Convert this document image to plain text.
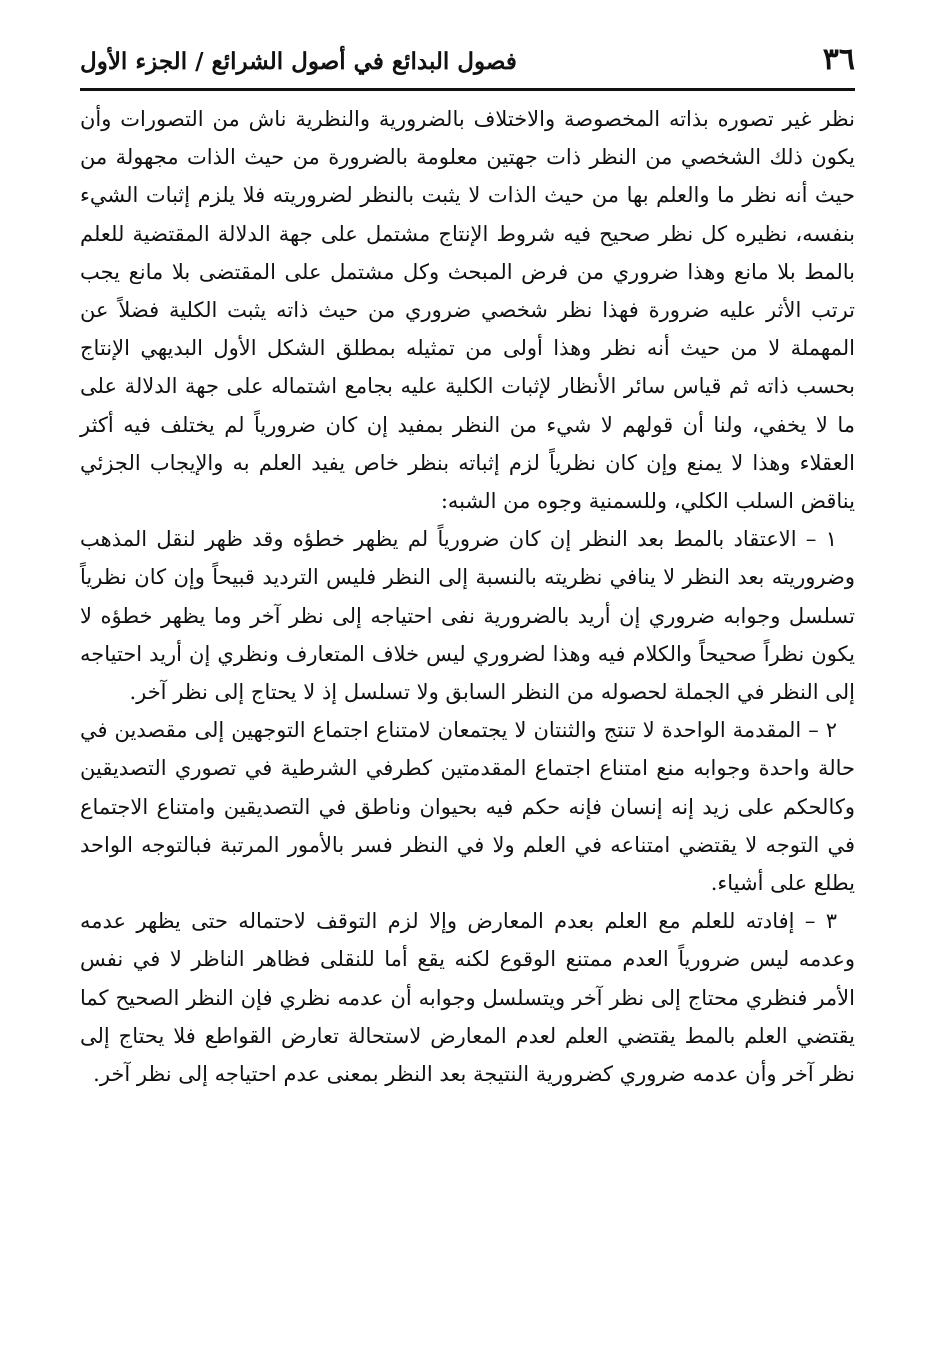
٣٦
فصول البدائع في أصول الشرائع / الجزء الأول

نظر غير تصوره بذاته المخصوصة والاختلاف بالضرورية والنظرية ناش من التصورات وأن يكون ذلك الشخصي من النظر ذات جهتين معلومة بالضرورة من حيث الذات مجهولة من حيث أنه نظر ما والعلم بها من حيث الذات لا يثبت بالنظر لضروريته فلا يلزم إثبات الشيء بنفسه، نظيره كل نظر صحيح فيه شروط الإنتاج مشتمل على جهة الدلالة المقتضية للعلم بالمط بلا مانع وهذا ضروري من فرض المبحث وكل مشتمل على المقتضى بلا مانع يجب ترتب الأثر عليه ضرورة فهذا نظر شخصي ضروري من حيث ذاته يثبت الكلية فضلاً عن المهملة لا من حيث أنه نظر وهذا أولى من تمثيله بمطلق الشكل الأول البديهي الإنتاج بحسب ذاته ثم قياس سائر الأنظار لإثبات الكلية عليه بجامع اشتماله على جهة الدلالة على ما لا يخفي، ولنا أن قولهم لا شيء من النظر بمفيد إن كان ضرورياً لم يختلف فيه أكثر العقلاء وهذا لا يمنع وإن كان نظرياً لزم إثباته بنظر خاص يفيد العلم به والإيجاب الجزئي يناقض السلب الكلي، وللسمنية وجوه من الشبه:

١ – الاعتقاد بالمط بعد النظر إن كان ضرورياً لم يظهر خطؤه وقد ظهر لنقل المذهب وضروريته بعد النظر لا ينافي نظريته بالنسبة إلى النظر فليس الترديد قبيحاً وإن كان نظرياً تسلسل وجوابه ضروري إن أريد بالضرورية نفى احتياجه إلى نظر آخر وما يظهر خطؤه لا يكون نظراً صحيحاً والكلام فيه وهذا لضروري ليس خلاف المتعارف ونظري إن أريد احتياجه إلى النظر في الجملة لحصوله من النظر السابق ولا تسلسل إذ لا يحتاج إلى نظر آخر.

٢ – المقدمة الواحدة لا تنتج والثنتان لا يجتمعان لامتناع اجتماع التوجهين إلى مقصدين في حالة واحدة وجوابه منع امتناع اجتماع المقدمتين كطرفي الشرطية في تصوري التصديقين وكالحكم على زيد إنه إنسان فإنه حكم فيه بحيوان وناطق في التصديقين وامتناع الاجتماع في التوجه لا يقتضي امتناعه في العلم ولا في النظر فسر بالأمور المرتبة فبالتوجه الواحد يطلع على أشياء.

٣ – إفادته للعلم مع العلم بعدم المعارض وإلا لزم التوقف لاحتماله حتى يظهر عدمه وعدمه ليس ضرورياً العدم ممتنع الوقوع لكنه يقع أما للنقلى فظاهر الناظر لا في نفس الأمر فنظري محتاج إلى نظر آخر ويتسلسل وجوابه أن عدمه نظري فإن النظر الصحيح كما يقتضي العلم بالمط يقتضي العلم لعدم المعارض لاستحالة تعارض القواطع فلا يحتاج إلى نظر آخر وأن عدمه ضروري كضرورية النتيجة بعد النظر بمعنى عدم احتياجه إلى نظر آخر.
